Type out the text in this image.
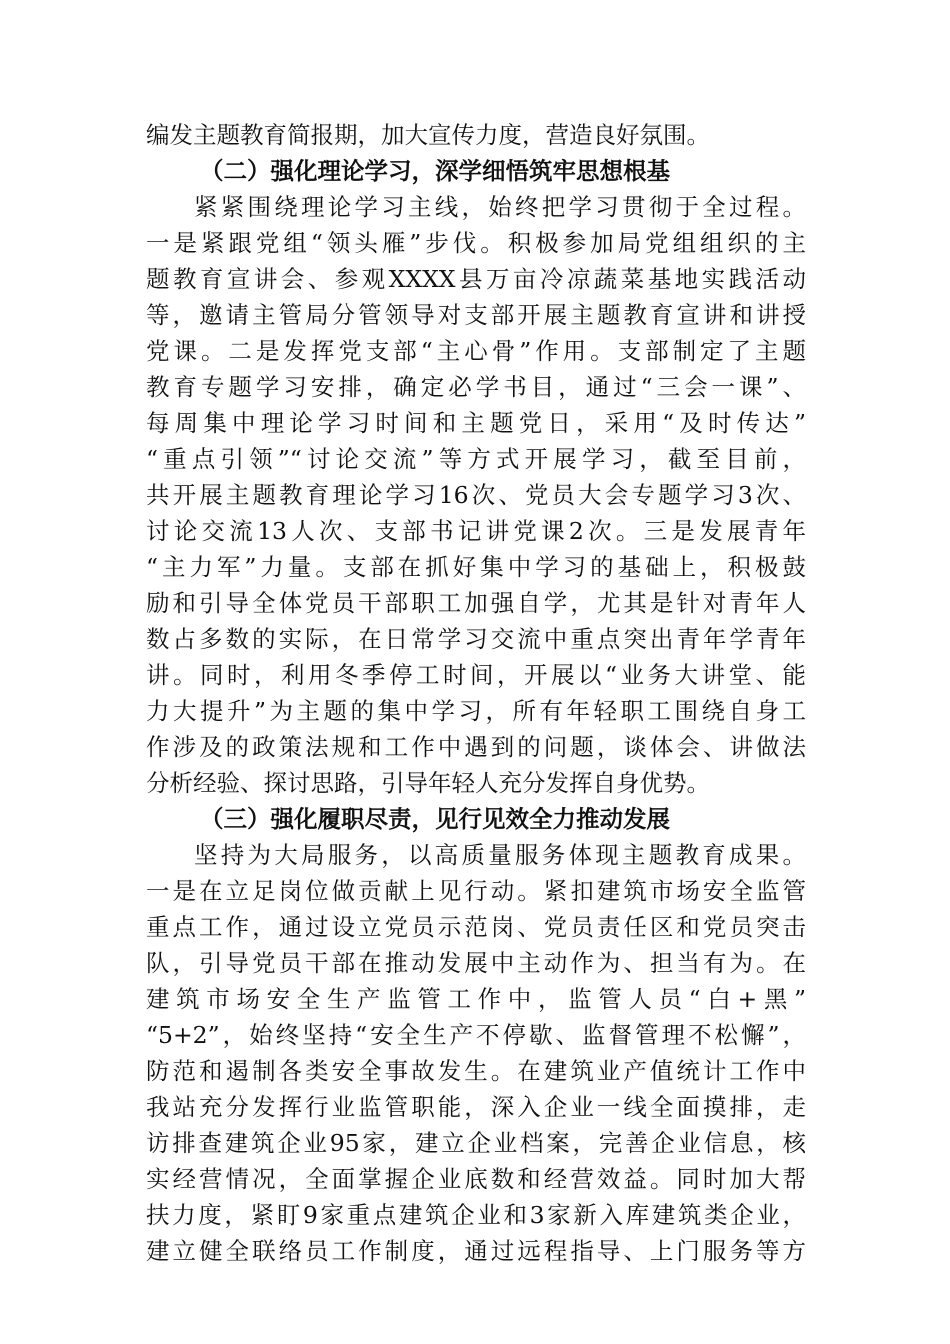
编发主题教育简报期，加大宣传力度，营造良好氛围。
（二）强化理论学习，深学细悟筑牢思想根基
紧紧围绕理论学习主线，始终把学习贯彻于全过程。
一是紧跟党组“领头雁”步伐。积极参加局党组组织的主
题教育宣讲会、参观XXXX县万亩冷凉蔬菜基地实践活动
等，邀请主管局分管领导对支部开展主题教育宣讲和讲授
党课。二是发挥党支部“主心骨”作用。支部制定了主题
教育专题学习安排，确定必学书目，通过“三会一课”、
每周集中理论学习时间和主题党日，采用“及时传达”
“重点引领”“讨论交流”等方式开展学习，截至目前，
共开展主题教育理论学习16次、党员大会专题学习3次、
讨论交流13人次、支部书记讲党课2次。三是发展青年
“主力军”力量。支部在抓好集中学习的基础上，积极鼓
励和引导全体党员干部职工加强自学，尤其是针对青年人
数占多数的实际，在日常学习交流中重点突出青年学青年
讲。同时，利用冬季停工时间，开展以“业务大讲堂、能
力大提升”为主题的集中学习，所有年轻职工围绕自身工
作涉及的政策法规和工作中遇到的问题，谈体会、讲做法
分析经验、探讨思路，引导年轻人充分发挥自身优势。
（三）强化履职尽责，见行见效全力推动发展
坚持为大局服务，以高质量服务体现主题教育成果。
一是在立足岗位做贡献上见行动。紧扣建筑市场安全监管
重点工作，通过设立党员示范岗、党员责任区和党员突击
队，引导党员干部在推动发展中主动作为、担当有为。在
建筑市场安全生产监管工作中，监管人员“白+黑”
“5+2”，始终坚持“安全生产不停歇、监督管理不松懈”，
防范和遏制各类安全事故发生。在建筑业产值统计工作中
我站充分发挥行业监管职能，深入企业一线全面摸排，走
访排查建筑企业95家，建立企业档案，完善企业信息，核
实经营情况，全面掌握企业底数和经营效益。同时加大帮
扶力度，紧盯9家重点建筑企业和3家新入库建筑类企业，
建立健全联络员工作制度，通过远程指导、上门服务等方
